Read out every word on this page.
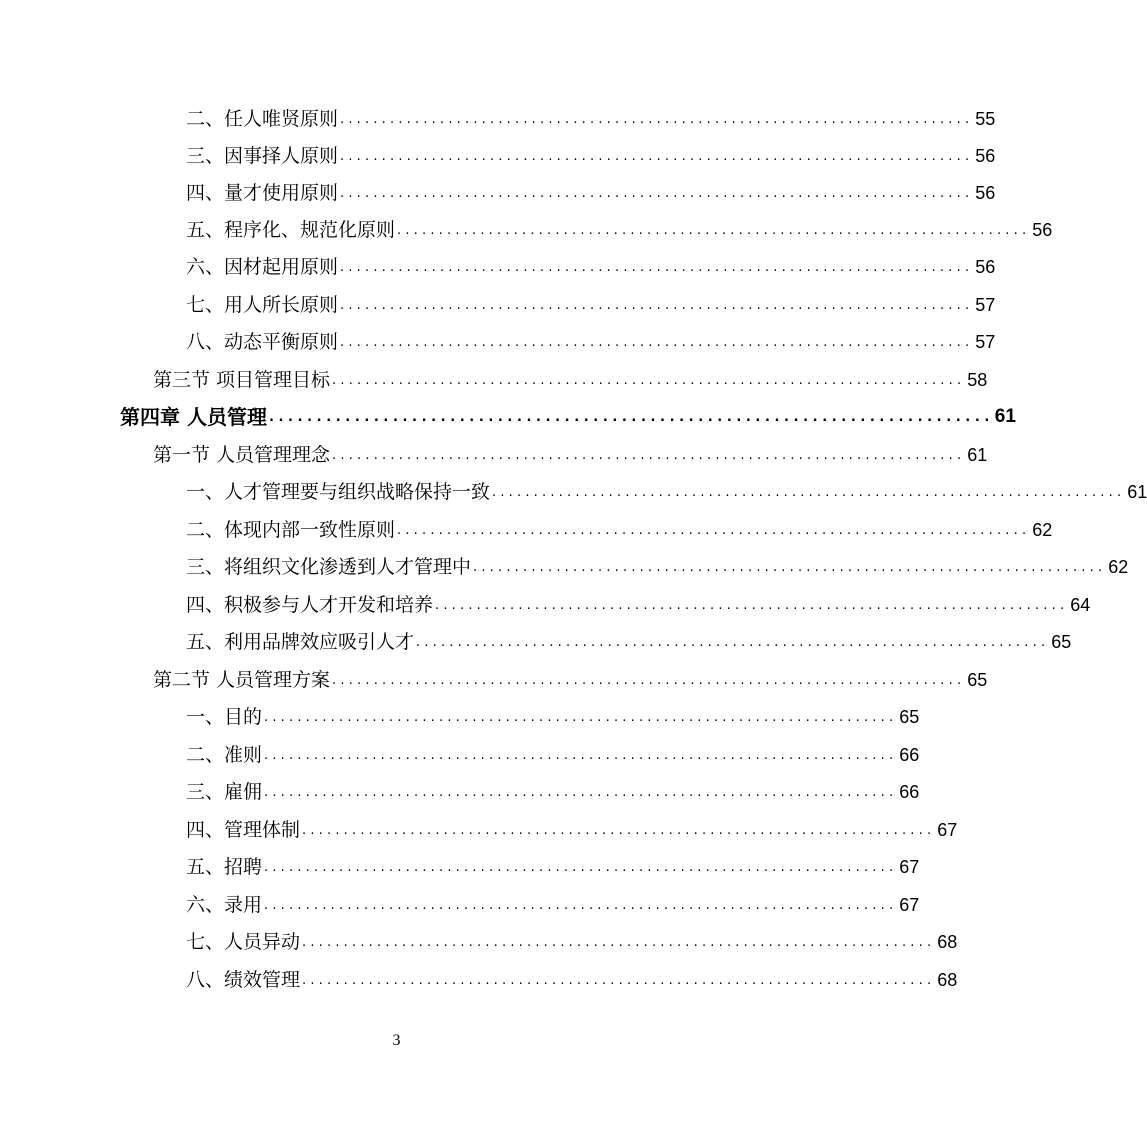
二、任人唯贤原则 ............................................................................ 55
三、因事择人原则 ............................................................................ 56
四、量才使用原则 ............................................................................ 56
五、程序化、规范化原则 ............................................................................ 56
六、因材起用原则 ............................................................................ 56
七、用人所长原则 ............................................................................ 57
八、动态平衡原则 ............................................................................ 57
第三节 项目管理目标 ............................................................................ 58
第四章 人员管理 ............................................................................ 61
第一节 人员管理理念 ............................................................................ 61
一、人才管理要与组织战略保持一致 ............................................................................ 61
二、体现内部一致性原则 ............................................................................ 62
三、将组织文化渗透到人才管理中 ............................................................................ 62
四、积极参与人才开发和培养 ............................................................................ 64
五、利用品牌效应吸引人才 ............................................................................ 65
第二节 人员管理方案 ............................................................................ 65
一、目的 ............................................................................ 65
二、准则 ............................................................................ 66
三、雇佣 ............................................................................ 66
四、管理体制 ............................................................................ 67
五、招聘 ............................................................................ 67
六、录用 ............................................................................ 67
七、人员异动 ............................................................................ 68
八、绩效管理 ............................................................................ 68
3
